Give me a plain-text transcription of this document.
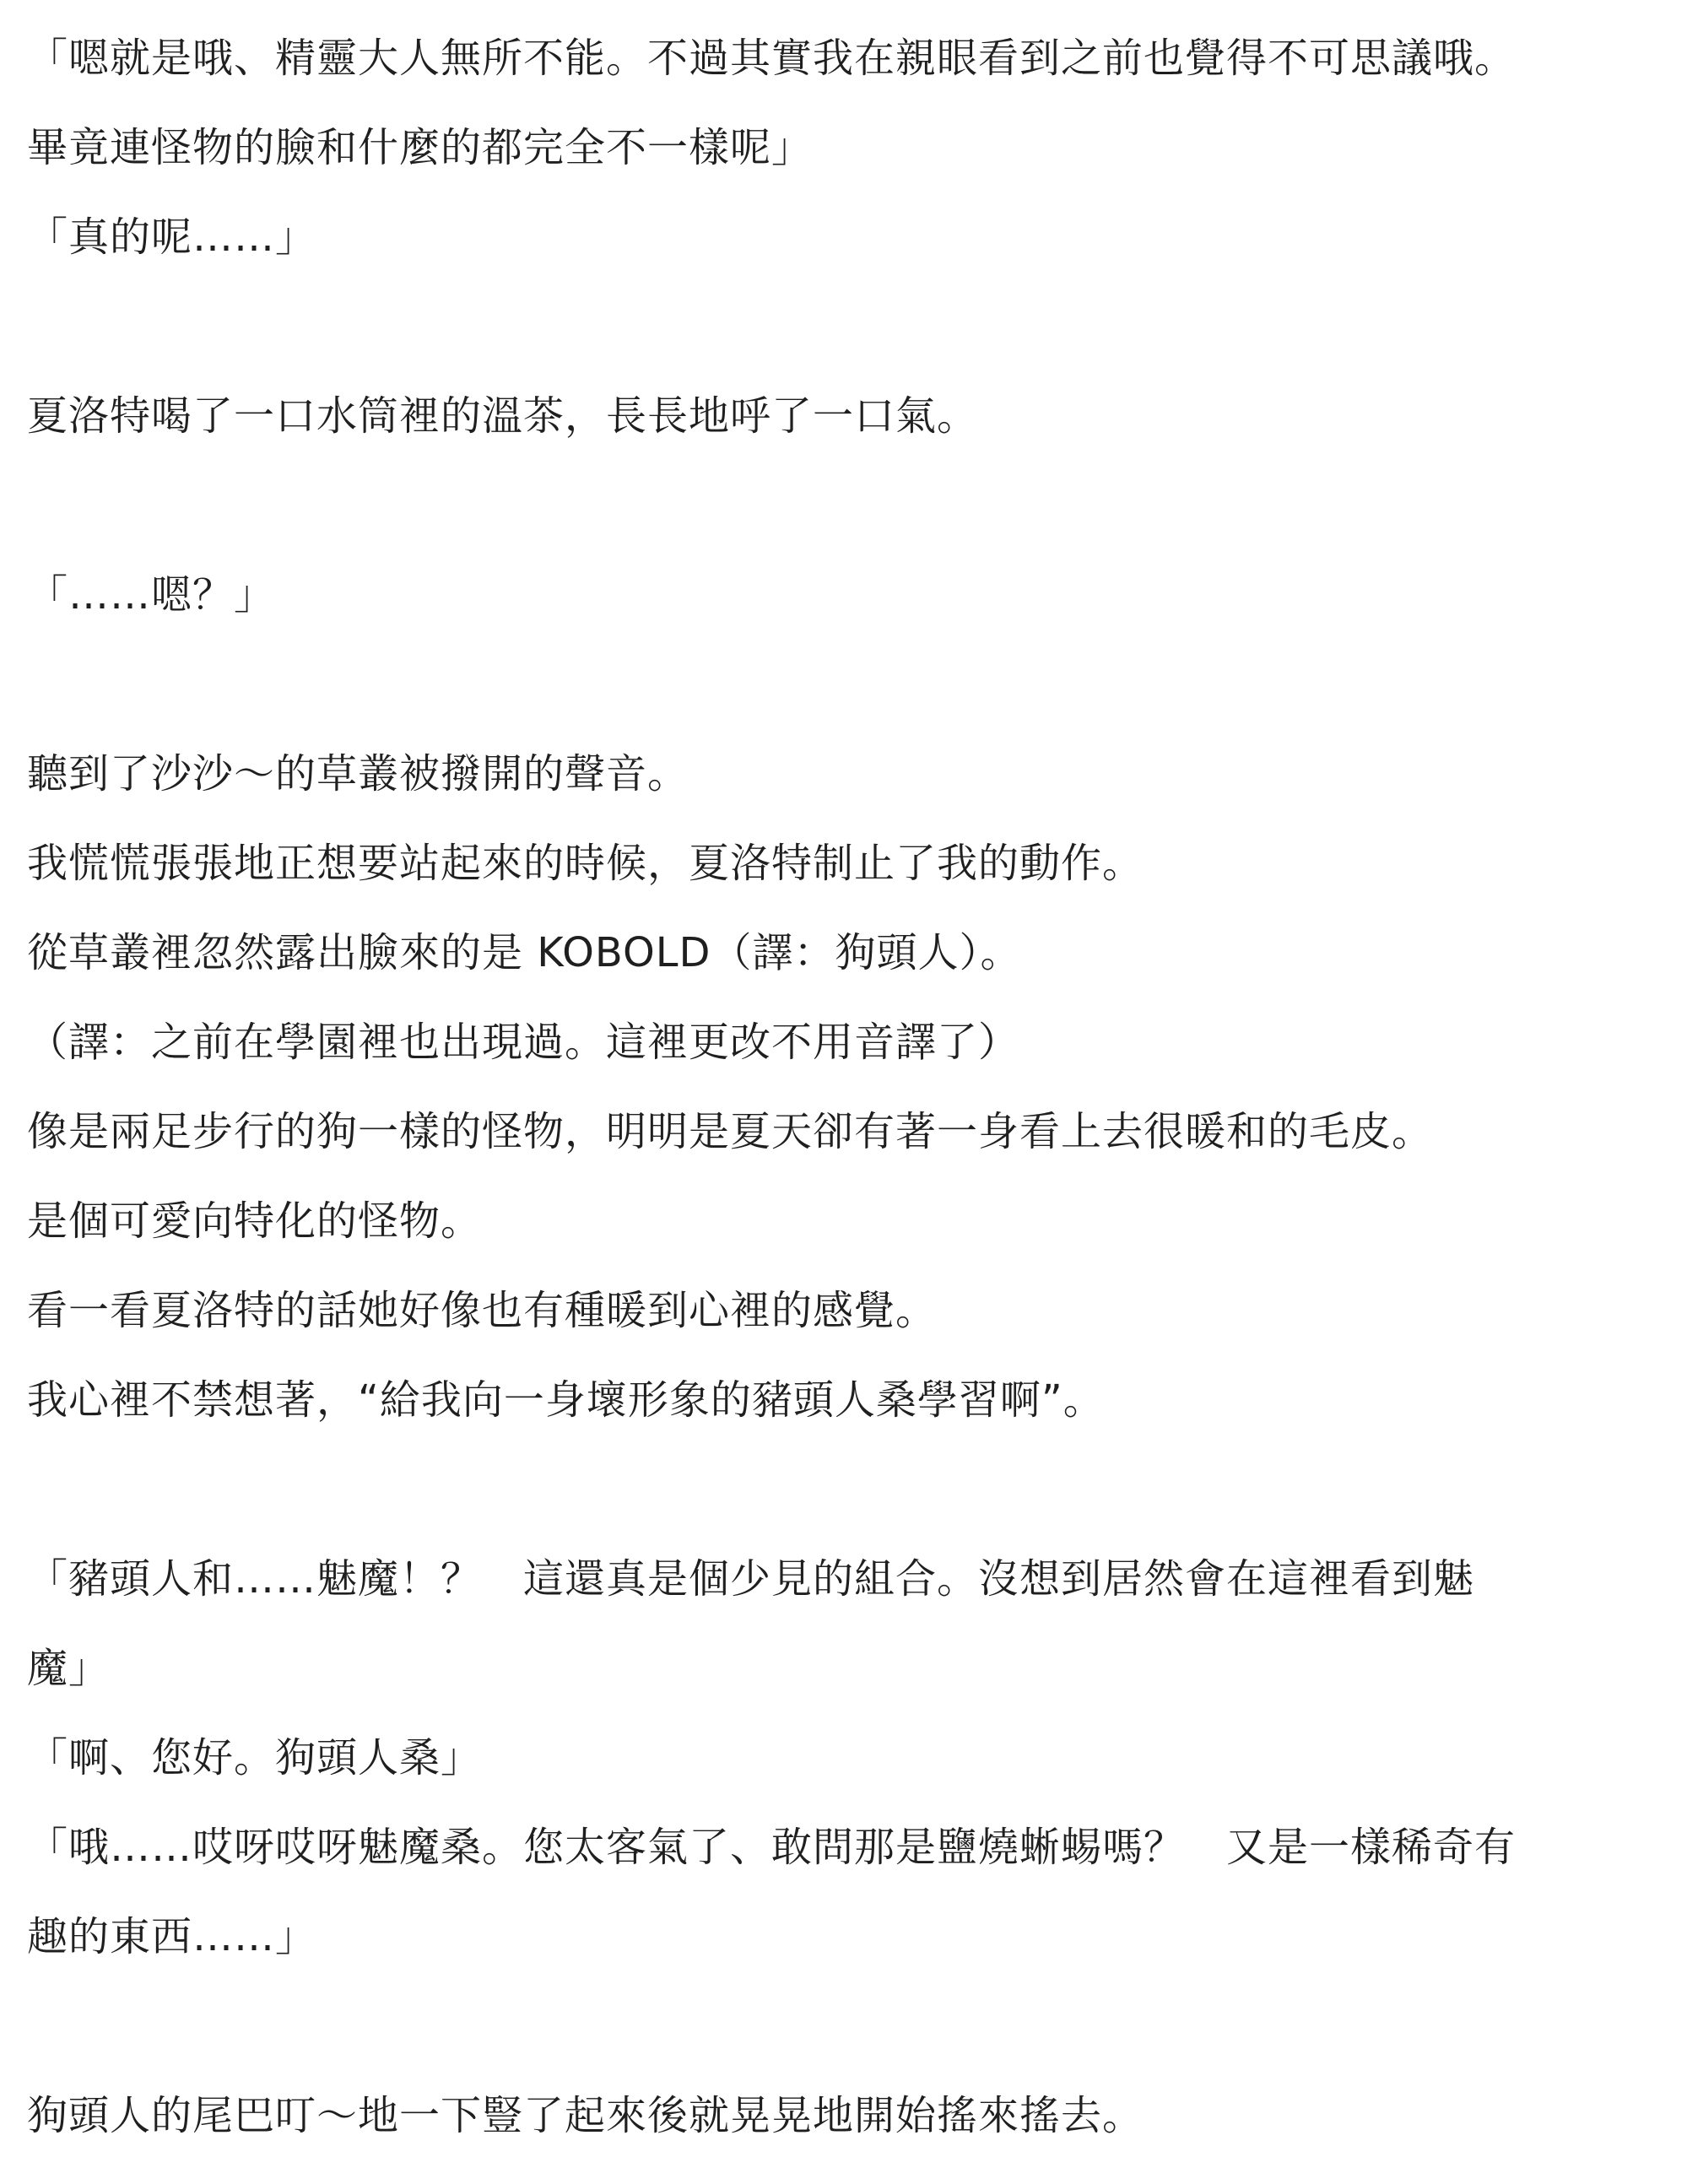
「嗯就是哦、精靈大人無所不能。不過其實我在親眼看到之前也覺得不可思議哦。
畢竟連怪物的臉和什麼的都完全不一樣呢」
「真的呢……」
夏洛特喝了一口水筒裡的溫茶，長長地呼了一口氣。
「……嗯？」
聽到了沙沙～的草叢被撥開的聲音。
我慌慌張張地正想要站起來的時候，夏洛特制止了我的動作。
從草叢裡忽然露出臉來的是 KOBOLD（譯：狗頭人）。
（譯：之前在學園裡也出現過。這裡更改不用音譯了）
像是兩足步行的狗一樣的怪物，明明是夏天卻有著一身看上去很暖和的毛皮。
是個可愛向特化的怪物。
看一看夏洛特的話她好像也有種暖到心裡的感覺。
我心裡不禁想著，“給我向一身壞形象的豬頭人桑學習啊”。
「豬頭人和……魅魔！？　這還真是個少見的組合。沒想到居然會在這裡看到魅
魔」
「啊、您好。狗頭人桑」
「哦……哎呀哎呀魅魔桑。您太客氣了、敢問那是鹽燒蜥蜴嗎？　又是一樣稀奇有
趣的東西……」
狗頭人的尾巴叮～地一下豎了起來後就晃晃地開始搖來搖去。
